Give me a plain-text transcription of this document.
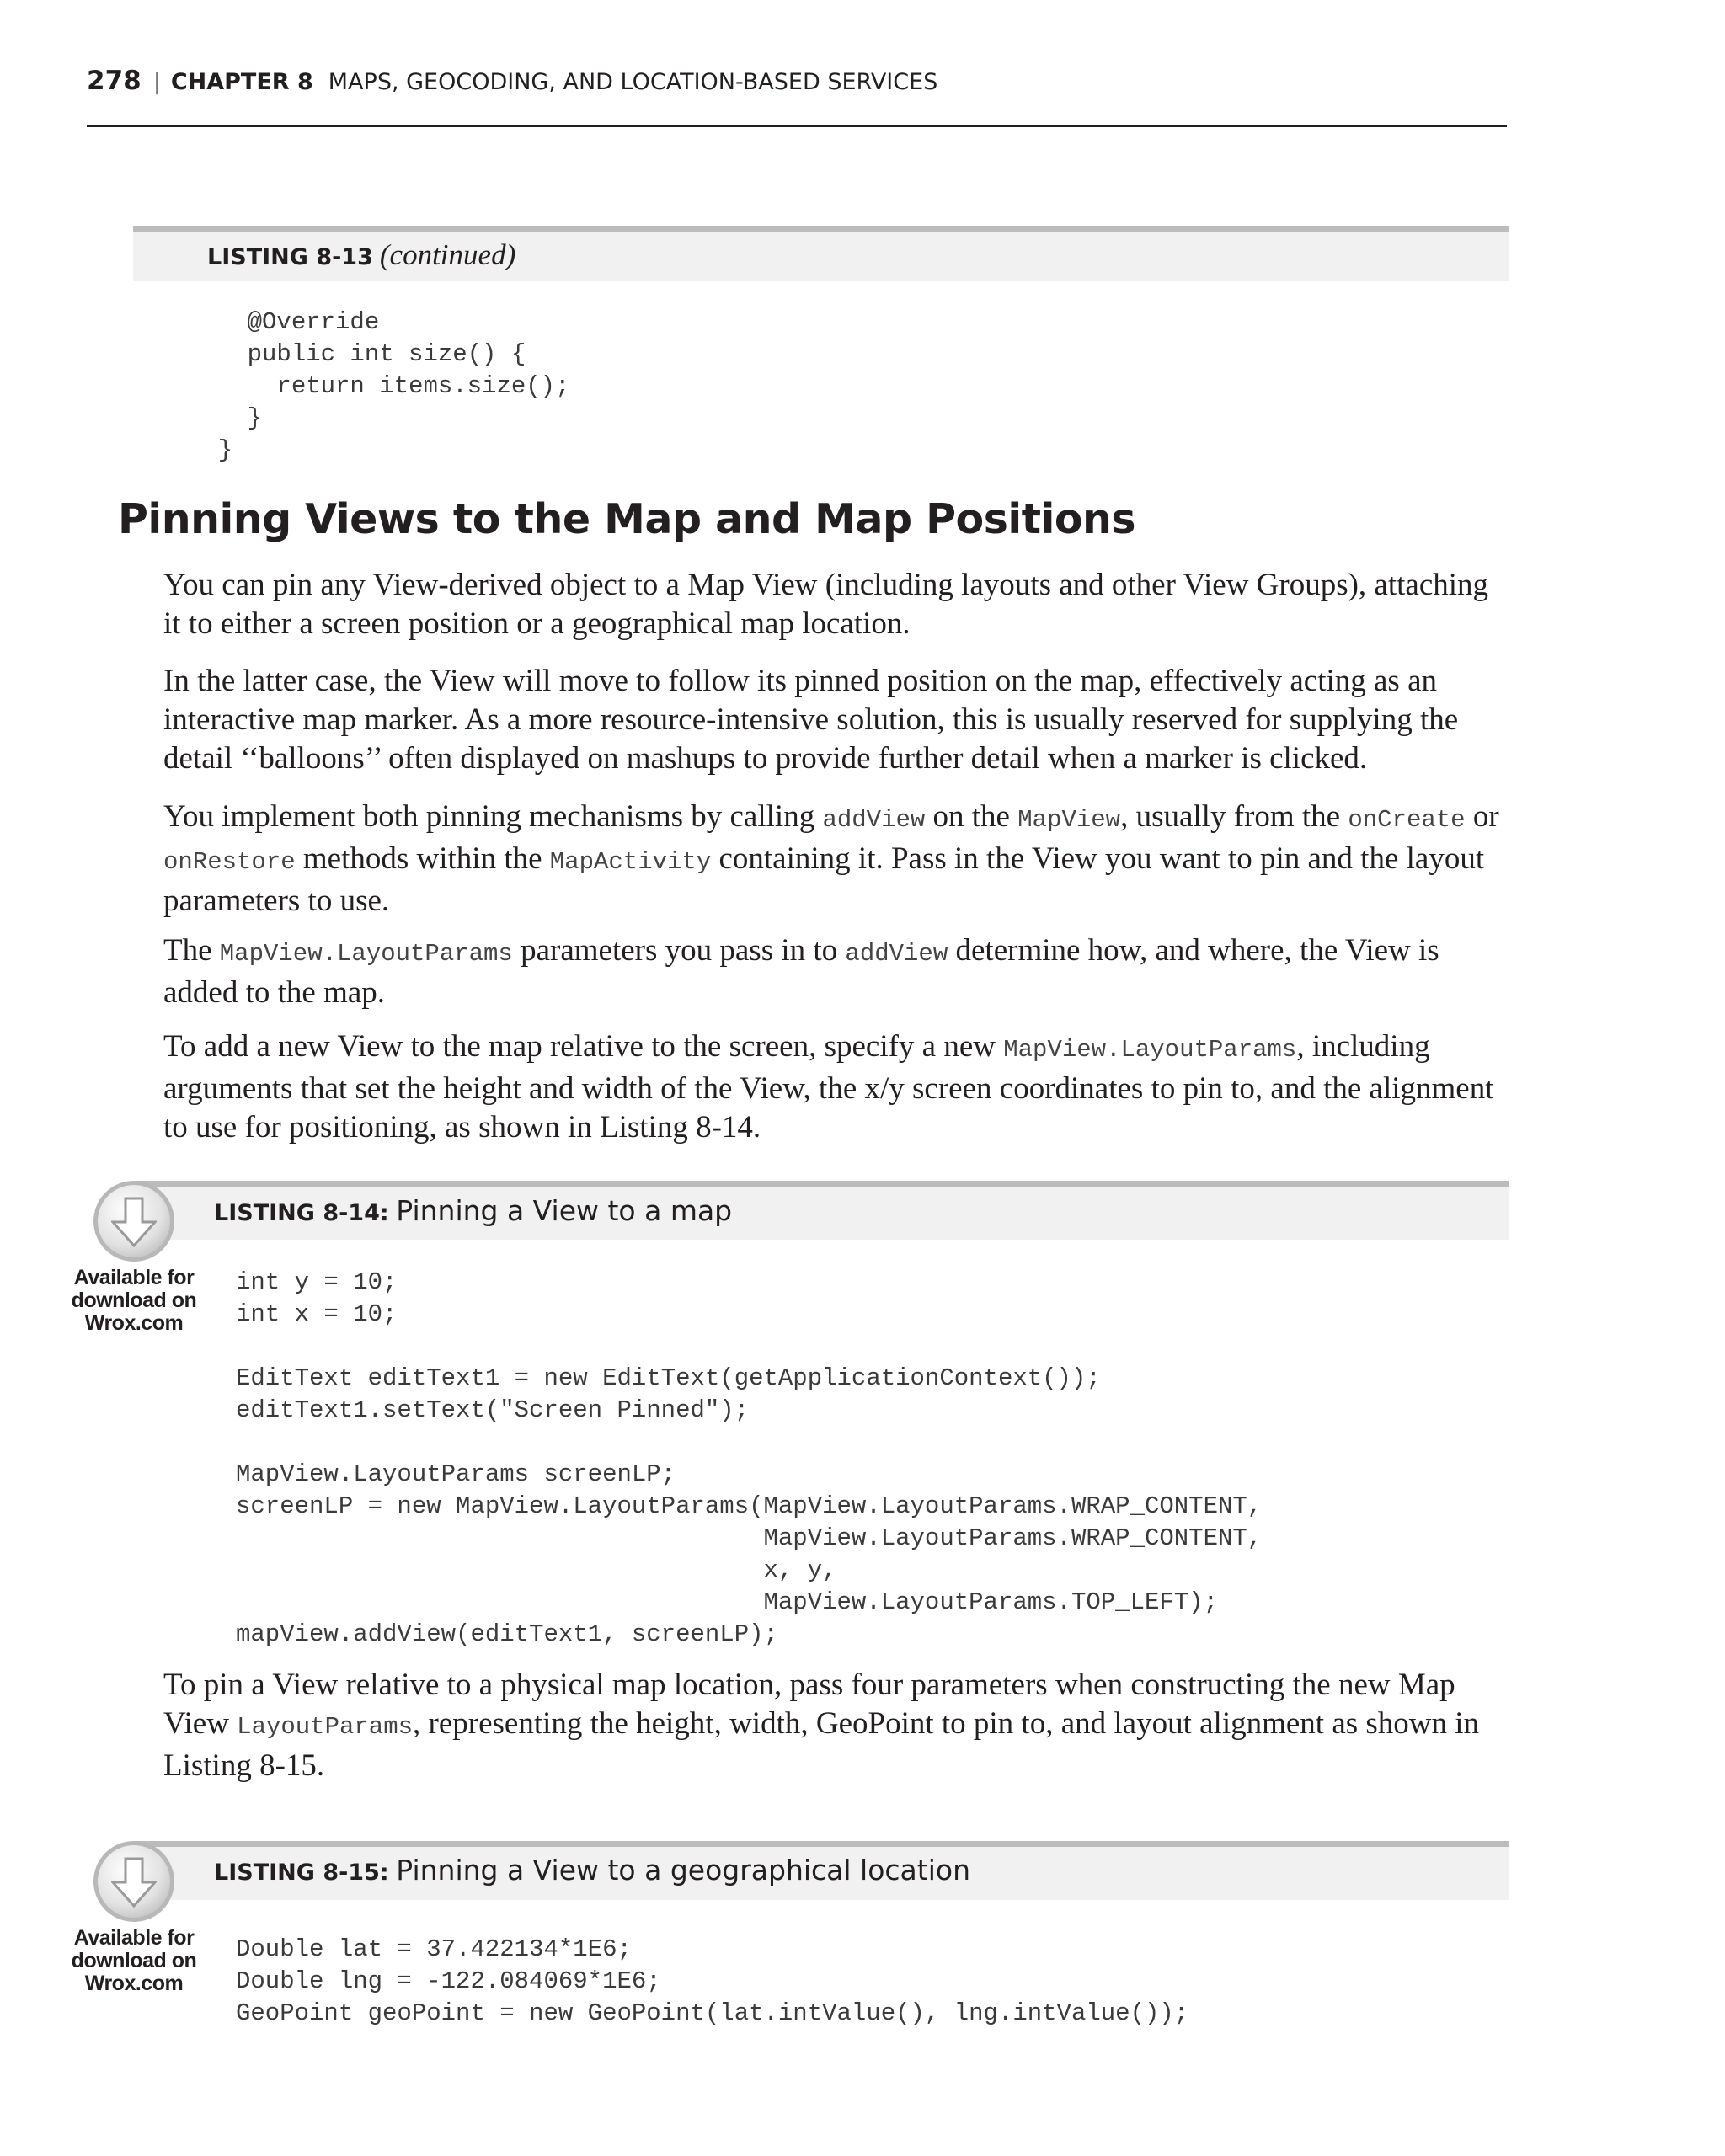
278 | CHAPTER 8 MAPS, GEOCODING, AND LOCATION-BASED SERVICES
LISTING 8-13 (continued)
@Override
public int size() {
return items.size();
}
}
Pinning Views to the Map and Map Positions

You can pin any View-derived object to a Map View (including layouts and other View Groups), attaching it to either a screen position or a geographical map location.

In the latter case, the View will move to follow its pinned position on the map, effectively acting as an interactive map marker. As a more resource-intensive solution, this is usually reserved for supplying the detail ‘‘balloons’’ often displayed on mashups to provide further detail when a marker is clicked.

You implement both pinning mechanisms by calling addView on the MapView, usually from the onCreate or onRestore methods within the MapActivity containing it. Pass in the View you want to pin and the layout parameters to use.

The MapView.LayoutParams parameters you pass in to addView determine how, and where, the View is added to the map.

To add a new View to the map relative to the screen, specify a new MapView.LayoutParams, including arguments that set the height and width of the View, the x/y screen coordinates to pin to, and the alignment to use for positioning, as shown in Listing 8-14.

LISTING 8-14: Pinning a View to a map
Available for
download on
Wrox.com
int y = 10;
int x = 10;

EditText editText1 = new EditText(getApplicationContext());
editText1.setText("Screen Pinned");

MapView.LayoutParams screenLP;
screenLP = new MapView.LayoutParams(MapView.LayoutParams.WRAP_CONTENT,
MapView.LayoutParams.WRAP_CONTENT,
x, y,
MapView.LayoutParams.TOP_LEFT);
mapView.addView(editText1, screenLP);

To pin a View relative to a physical map location, pass four parameters when constructing the new Map View LayoutParams, representing the height, width, GeoPoint to pin to, and layout alignment as shown in Listing 8-15.

LISTING 8-15: Pinning a View to a geographical location
Available for
download on
Wrox.com
Double lat = 37.422134*1E6;
Double lng = -122.084069*1E6;
GeoPoint geoPoint = new GeoPoint(lat.intValue(), lng.intValue());
